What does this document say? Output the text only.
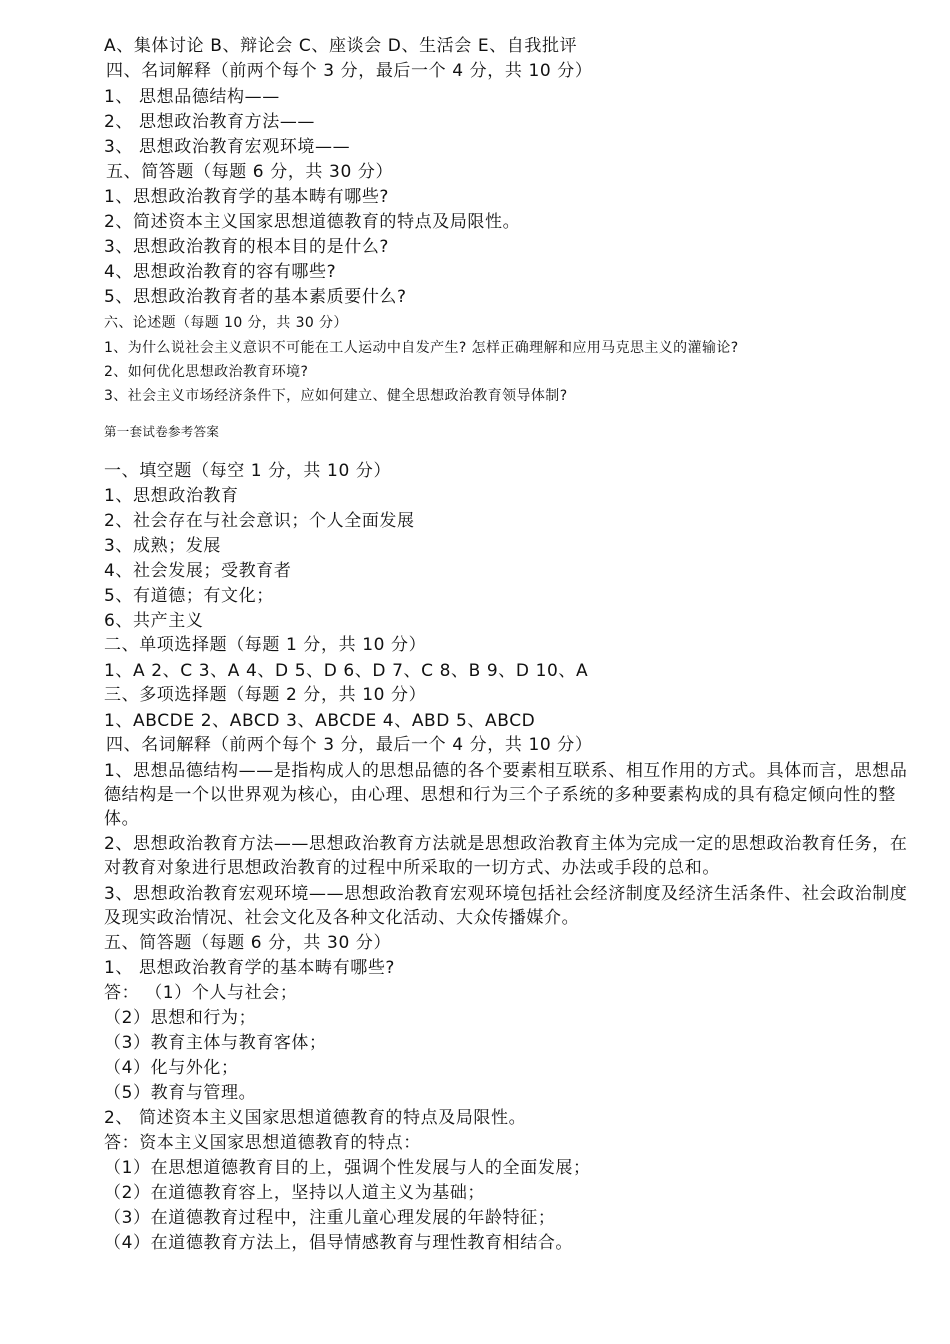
A、集体讨论 B、辩论会 C、座谈会 D、生活会 E、自我批评
四、名词解释（前两个每个 3 分，最后一个 4 分，共 10 分）
1、 思想品德结构——
2、 思想政治教育方法——
3、 思想政治教育宏观环境——
五、简答题（每题 6 分，共 30 分）
1、思想政治教育学的基本畴有哪些?
2、简述资本主义国家思想道德教育的特点及局限性。
3、思想政治教育的根本目的是什么?
4、思想政治教育的容有哪些?
5、思想政治教育者的基本素质要什么?
六、论述题（每题 10 分，共 30 分）
1、为什么说社会主义意识不可能在工人运动中自发产生? 怎样正确理解和应用马克思主义的灌输论?
2、如何优化思想政治教育环境?
3、社会主义市场经济条件下，应如何建立、健全思想政治教育领导体制?
第一套试卷参考答案
一、填空题（每空 1 分，共 10 分）
1、思想政治教育
2、社会存在与社会意识；个人全面发展
3、成熟；发展
4、社会发展；受教育者
5、有道德；有文化；
6、共产主义
二、单项选择题（每题 1 分，共 10 分）
1、A 2、C 3、A 4、D 5、D 6、D 7、C 8、B 9、D 10、A
三、多项选择题（每题 2 分，共 10 分）
1、ABCDE 2、ABCD 3、ABCDE 4、ABD 5、ABCD
四、名词解释（前两个每个 3 分，最后一个 4 分，共 10 分）
1、思想品德结构——是指构成人的思想品德的各个要素相互联系、相互作用的方式。具体而言，思想品德结构是一个以世界观为核心，由心理、思想和行为三个子系统的多种要素构成的具有稳定倾向性的整体。
2、思想政治教育方法——思想政治教育方法就是思想政治教育主体为完成一定的思想政治教育任务，在对教育对象进行思想政治教育的过程中所采取的一切方式、办法或手段的总和。
3、思想政治教育宏观环境——思想政治教育宏观环境包括社会经济制度及经济生活条件、社会政治制度及现实政治情况、社会文化及各种文化活动、大众传播媒介。
五、简答题（每题 6 分，共 30 分）
1、 思想政治教育学的基本畴有哪些?
答： （1）个人与社会；
（2）思想和行为；
（3）教育主体与教育客体；
（4）化与外化；
（5）教育与管理。
2、 简述资本主义国家思想道德教育的特点及局限性。
答：资本主义国家思想道德教育的特点：
（1）在思想道德教育目的上，强调个性发展与人的全面发展；
（2）在道德教育容上，坚持以人道主义为基础；
（3）在道德教育过程中，注重儿童心理发展的年龄特征；
（4）在道德教育方法上，倡导情感教育与理性教育相结合。
